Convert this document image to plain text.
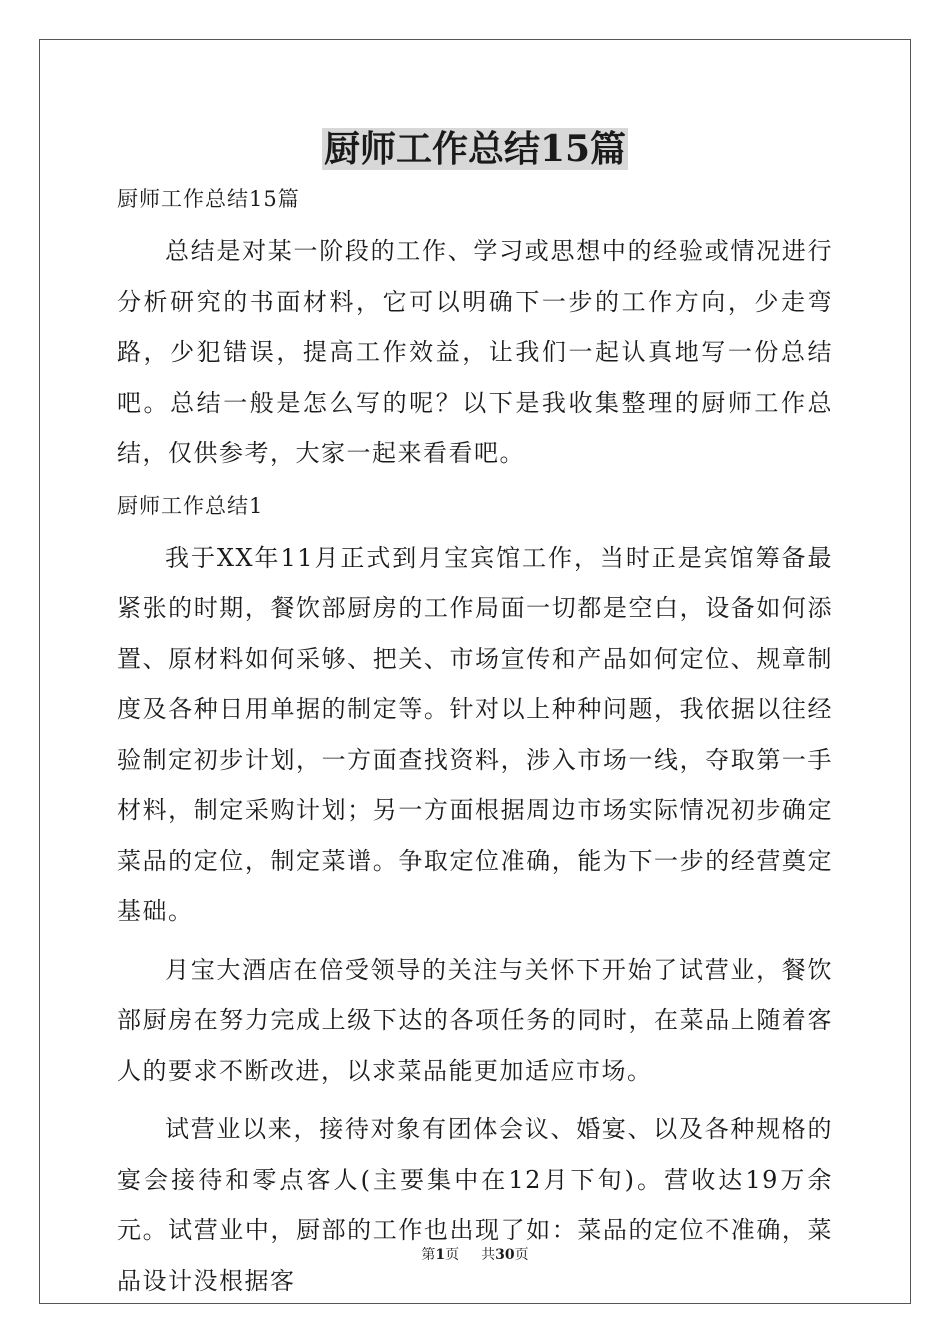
厨师工作总结15篇

厨师工作总结15篇

总结是对某一阶段的工作、学习或思想中的经验或情况进行分析研究的书面材料，它可以明确下一步的工作方向，少走弯路，少犯错误，提高工作效益，让我们一起认真地写一份总结吧。总结一般是怎么写的呢？以下是我收集整理的厨师工作总结，仅供参考，大家一起来看看吧。

厨师工作总结1

我于XX年11月正式到月宝宾馆工作，当时正是宾馆筹备最紧张的时期，餐饮部厨房的工作局面一切都是空白，设备如何添置、原材料如何采够、把关、市场宣传和产品如何定位、规章制度及各种日用单据的制定等。针对以上种种问题，我依据以往经验制定初步计划，一方面查找资料，涉入市场一线，夺取第一手材料，制定采购计划；另一方面根据周边市场实际情况初步确定菜品的定位，制定菜谱。争取定位准确，能为下一步的经营奠定基础。

月宝大酒店在倍受领导的关注与关怀下开始了试营业，餐饮部厨房在努力完成上级下达的各项任务的同时，在菜品上随着客人的要求不断改进，以求菜品能更加适应市场。

试营业以来，接待对象有团体会议、婚宴、以及各种规格的宴会接待和零点客人(主要集中在12月下旬)。营收达19万余元。试营业中，厨部的工作也出现了如：菜品的定位不准确，菜品设计没根据客

第1页 共30页
